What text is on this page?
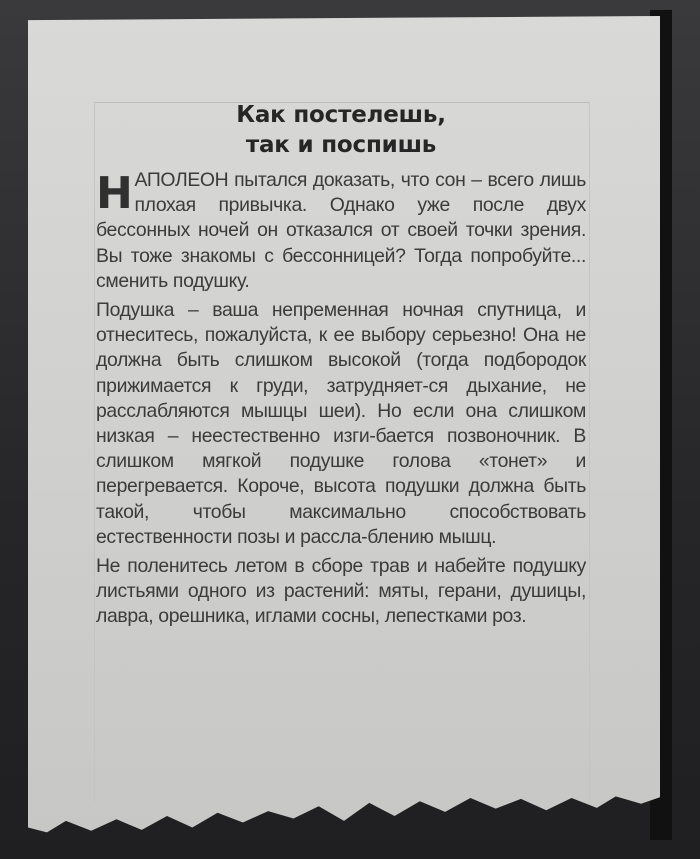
Как постелешь,
так и поспишь

НАПОЛЕОН пытался доказать, что сон – всего лишь плохая привычка. Однако уже после двух бессонных ночей он отказался от своей точки зрения. Вы тоже знакомы с бессонницей? Тогда попробуйте... сменить подушку.

Подушка – ваша непременная ночная спутница, и отнеситесь, пожалуйста, к ее выбору серьезно! Она не должна быть слишком высокой (тогда подбородок прижимается к груди, затрудняет-ся дыхание, не расслабляются мышцы шеи). Но если она слишком низкая – неестественно изги-бается позвоночник. В слишком мягкой подушке голова «тонет» и перегревается. Короче, высота подушки должна быть такой, чтобы максимально способствовать естественности позы и рассла-блению мышц.

Не поленитесь летом в сборе трав и набейте подушку листьями одного из растений: мяты, герани, душицы, лавра, орешника, иглами сосны, лепестками роз.
